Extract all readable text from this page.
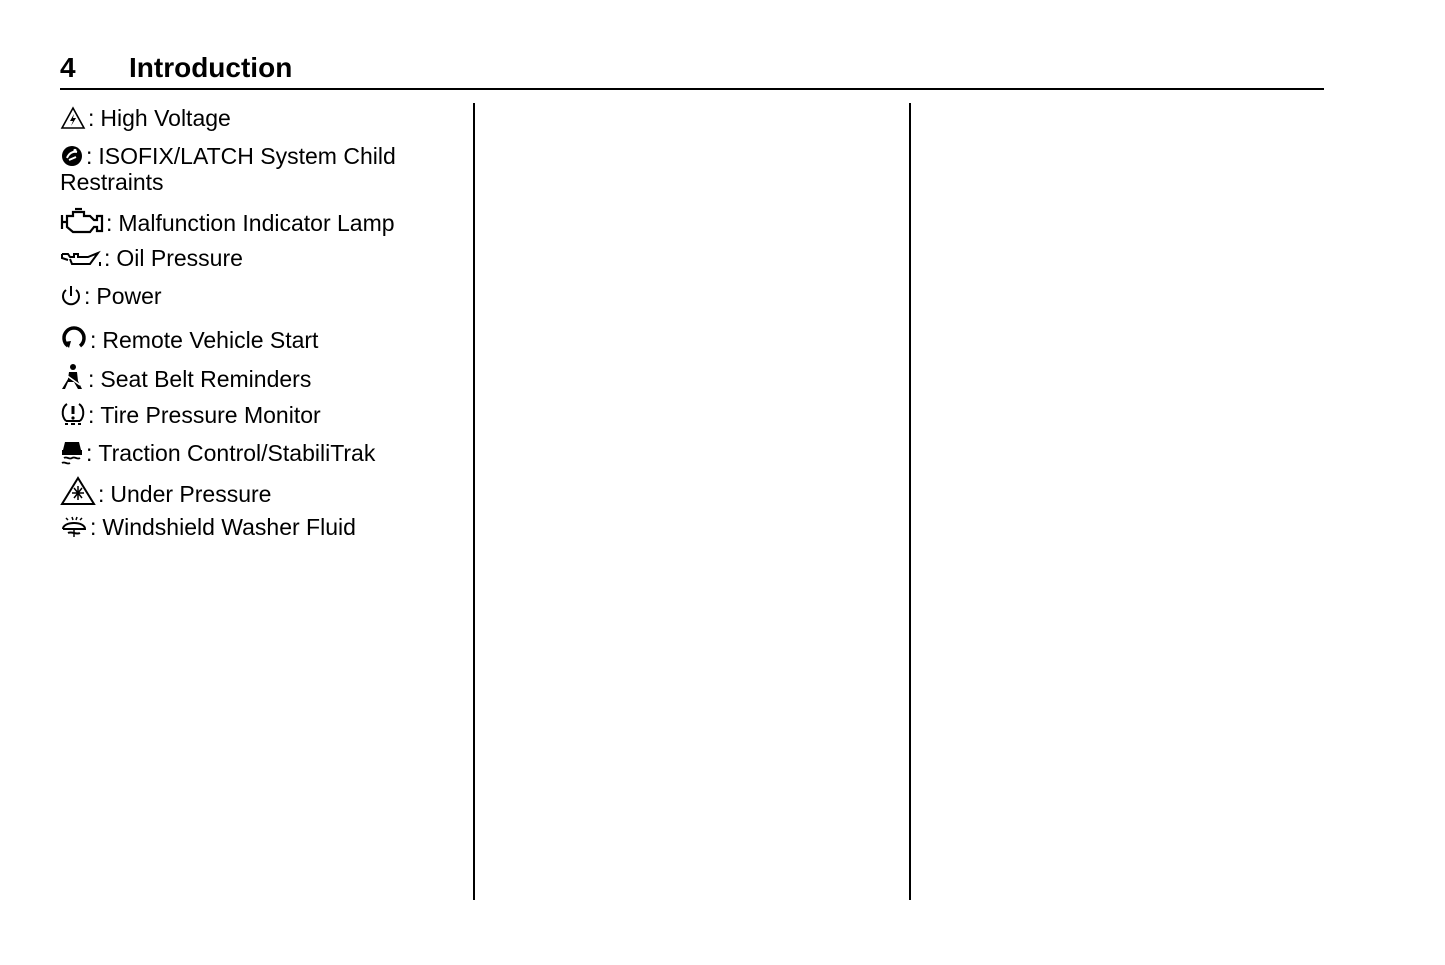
4 Introduction
: High Voltage
: ISOFIX/LATCH System Child
Restraints
: Malfunction Indicator Lamp
: Oil Pressure
: Power
: Remote Vehicle Start
: Seat Belt Reminders
: Tire Pressure Monitor
: Traction Control/StabiliTrak
: Under Pressure
: Windshield Washer Fluid
